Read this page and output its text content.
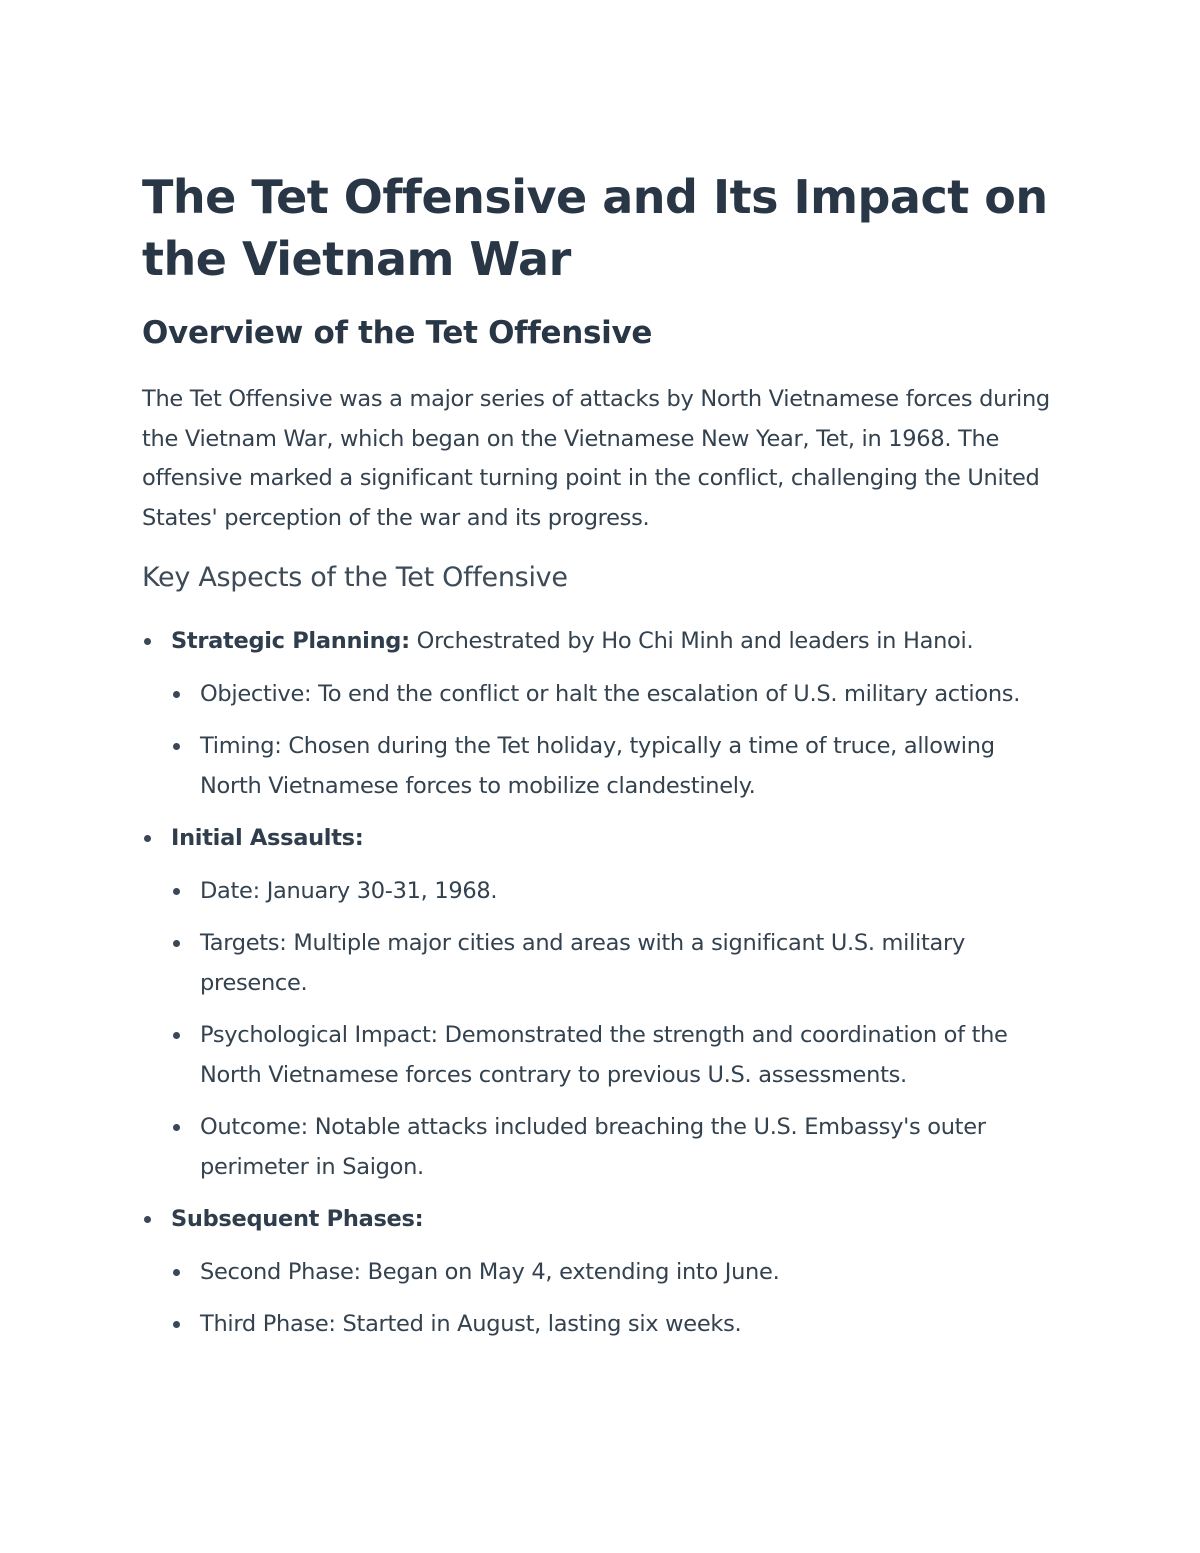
The Tet Offensive and Its Impact on the Vietnam War
Overview of the Tet Offensive

The Tet Offensive was a major series of attacks by North Vietnamese forces during the Vietnam War, which began on the Vietnamese New Year, Tet, in 1968. The offensive marked a significant turning point in the conflict, challenging the United States' perception of the war and its progress.

Key Aspects of the Tet Offensive
Strategic Planning: Orchestrated by Ho Chi Minh and leaders in Hanoi.
Objective: To end the conflict or halt the escalation of U.S. military actions.
Timing: Chosen during the Tet holiday, typically a time of truce, allowing North Vietnamese forces to mobilize clandestinely.
Initial Assaults:
Date: January 30-31, 1968.
Targets: Multiple major cities and areas with a significant U.S. military presence.
Psychological Impact: Demonstrated the strength and coordination of the North Vietnamese forces contrary to previous U.S. assessments.
Outcome: Notable attacks included breaching the U.S. Embassy's outer perimeter in Saigon.
Subsequent Phases:
Second Phase: Began on May 4, extending into June.
Third Phase: Started in August, lasting six weeks.
